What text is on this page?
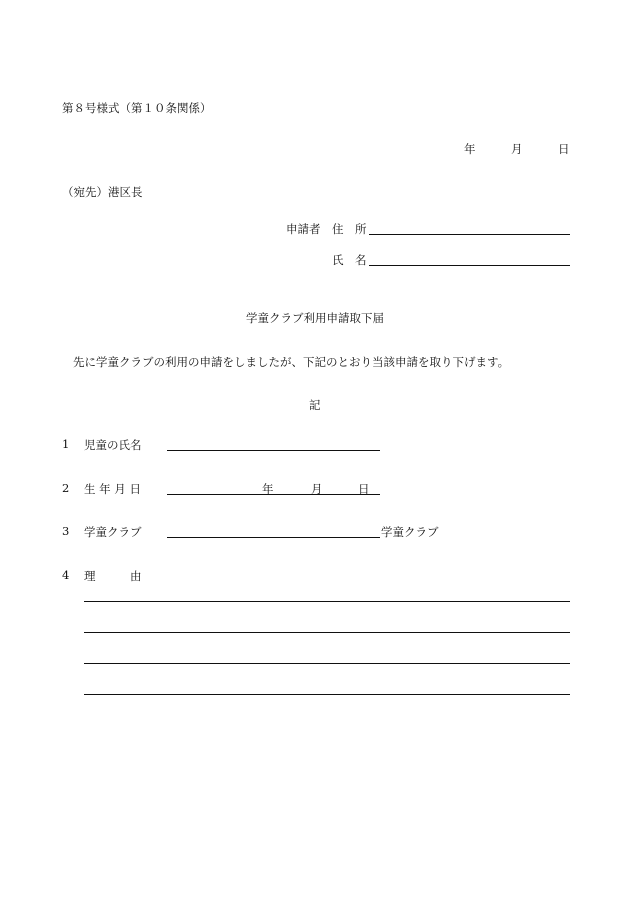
第８号様式（第１０条関係）
年	月	日
（宛先）港区長
申請者 住　所
氏　名
学童クラブ利用申請取下届
先に学童クラブの利用の申請をしましたが、下記のとおり当該申請を取り下げます。
記
1 児童の氏名
2 生 年 月 日	年	月	日
3 学童クラブ	学童クラブ
4 理　　　由
